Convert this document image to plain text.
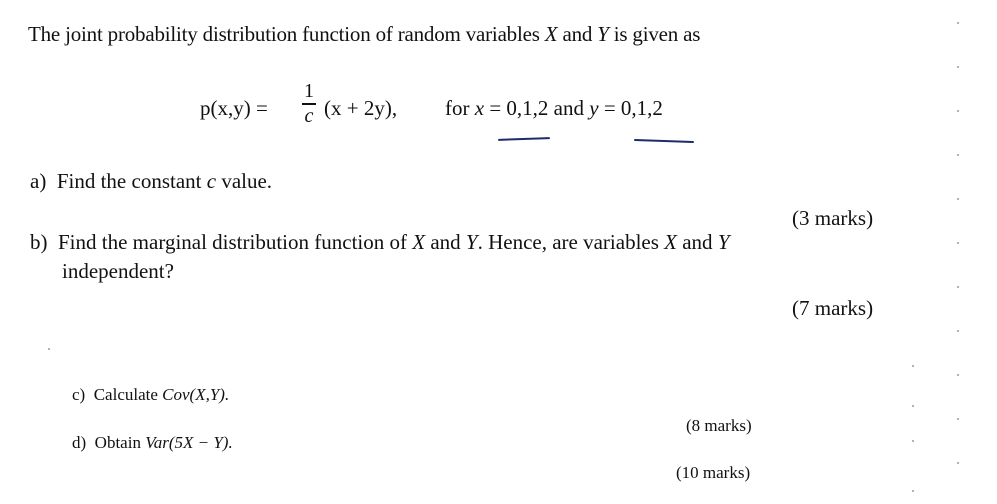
The joint probability distribution function of random variables X and Y is given as
p(x,y) =
1
c (x + 2y), for x = 0,1,2 and y = 0,1,2
a) Find the constant c value.
(3 marks)
b) Find the marginal distribution function of X and Y. Hence, are variables X and Y
independent?
(7 marks)
c) Calculate Cov(X,Y).
(8 marks)
d) Obtain Var(5X − Y).
(10 marks)
